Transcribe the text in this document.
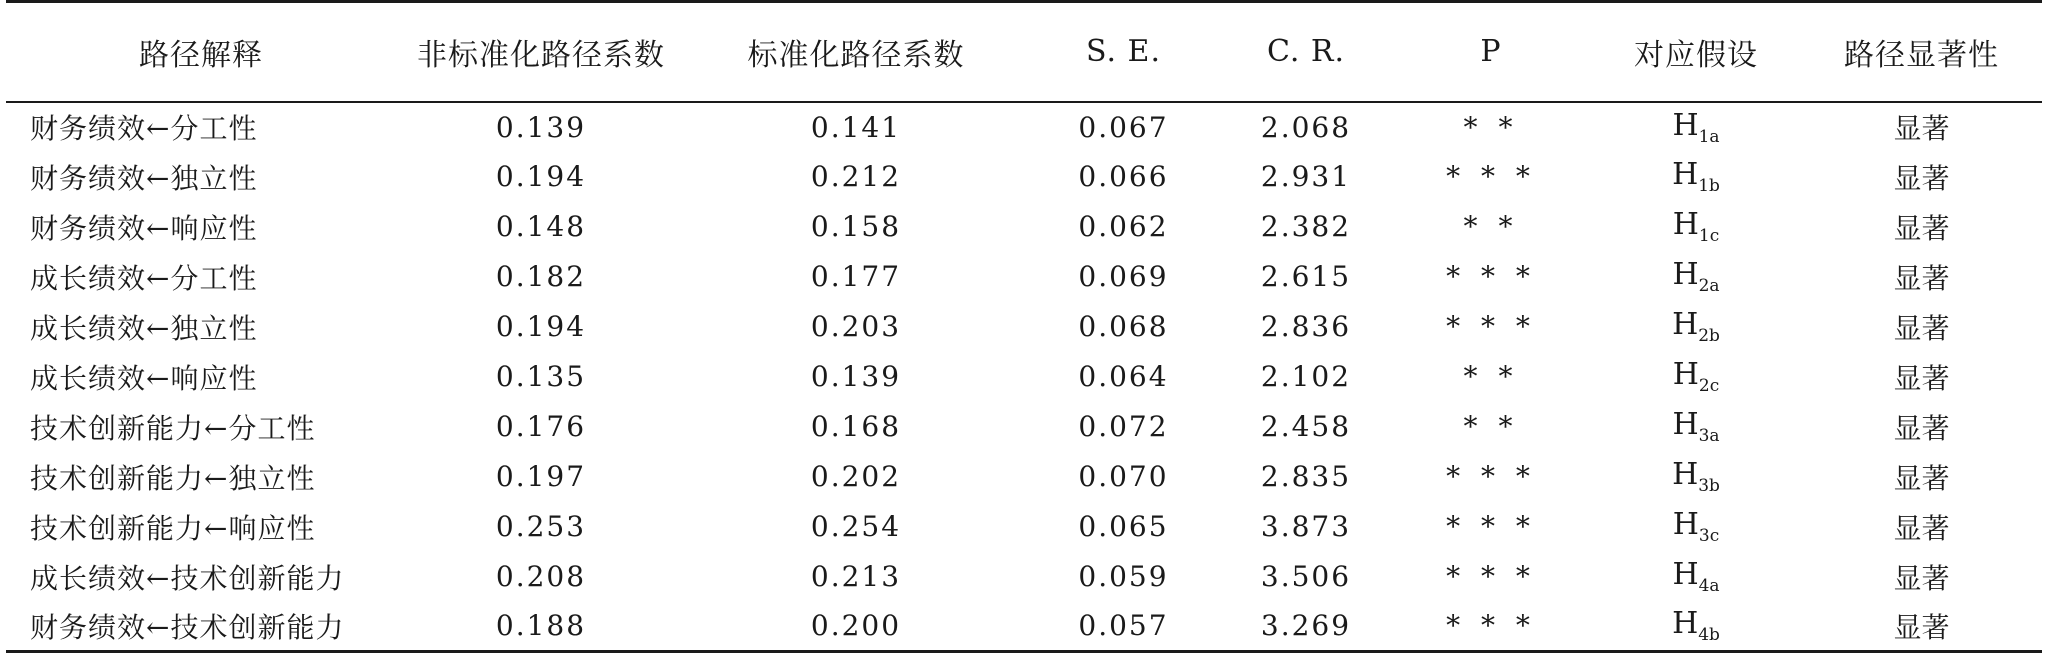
路径解释	非标准化路径系数	标准化路径系数	S. E.	C. R.	P	对应假设	路径显著性
财务绩效←分工性	0.139	0.141	0.067	2.068	* *	$H_{1a}$	显著
财务绩效←独立性	0.194	0.212	0.066	2.931	* * *	$H_{1b}$	显著
财务绩效←响应性	0.148	0.158	0.062	2.382	* *	$H_{1c}$	显著
成长绩效←分工性	0.182	0.177	0.069	2.615	* * *	$H_{2a}$	显著
成长绩效←独立性	0.194	0.203	0.068	2.836	* * *	$H_{2b}$	显著
成长绩效←响应性	0.135	0.139	0.064	2.102	* *	$H_{2c}$	显著
技术创新能力←分工性	0.176	0.168	0.072	2.458	* *	$H_{3a}$	显著
技术创新能力←独立性	0.197	0.202	0.070	2.835	* * *	$H_{3b}$	显著
技术创新能力←响应性	0.253	0.254	0.065	3.873	* * *	$H_{3c}$	显著
成长绩效←技术创新能力	0.208	0.213	0.059	3.506	* * *	$H_{4a}$	显著
财务绩效←技术创新能力	0.188	0.200	0.057	3.269	* * *	$H_{4b}$	显著
